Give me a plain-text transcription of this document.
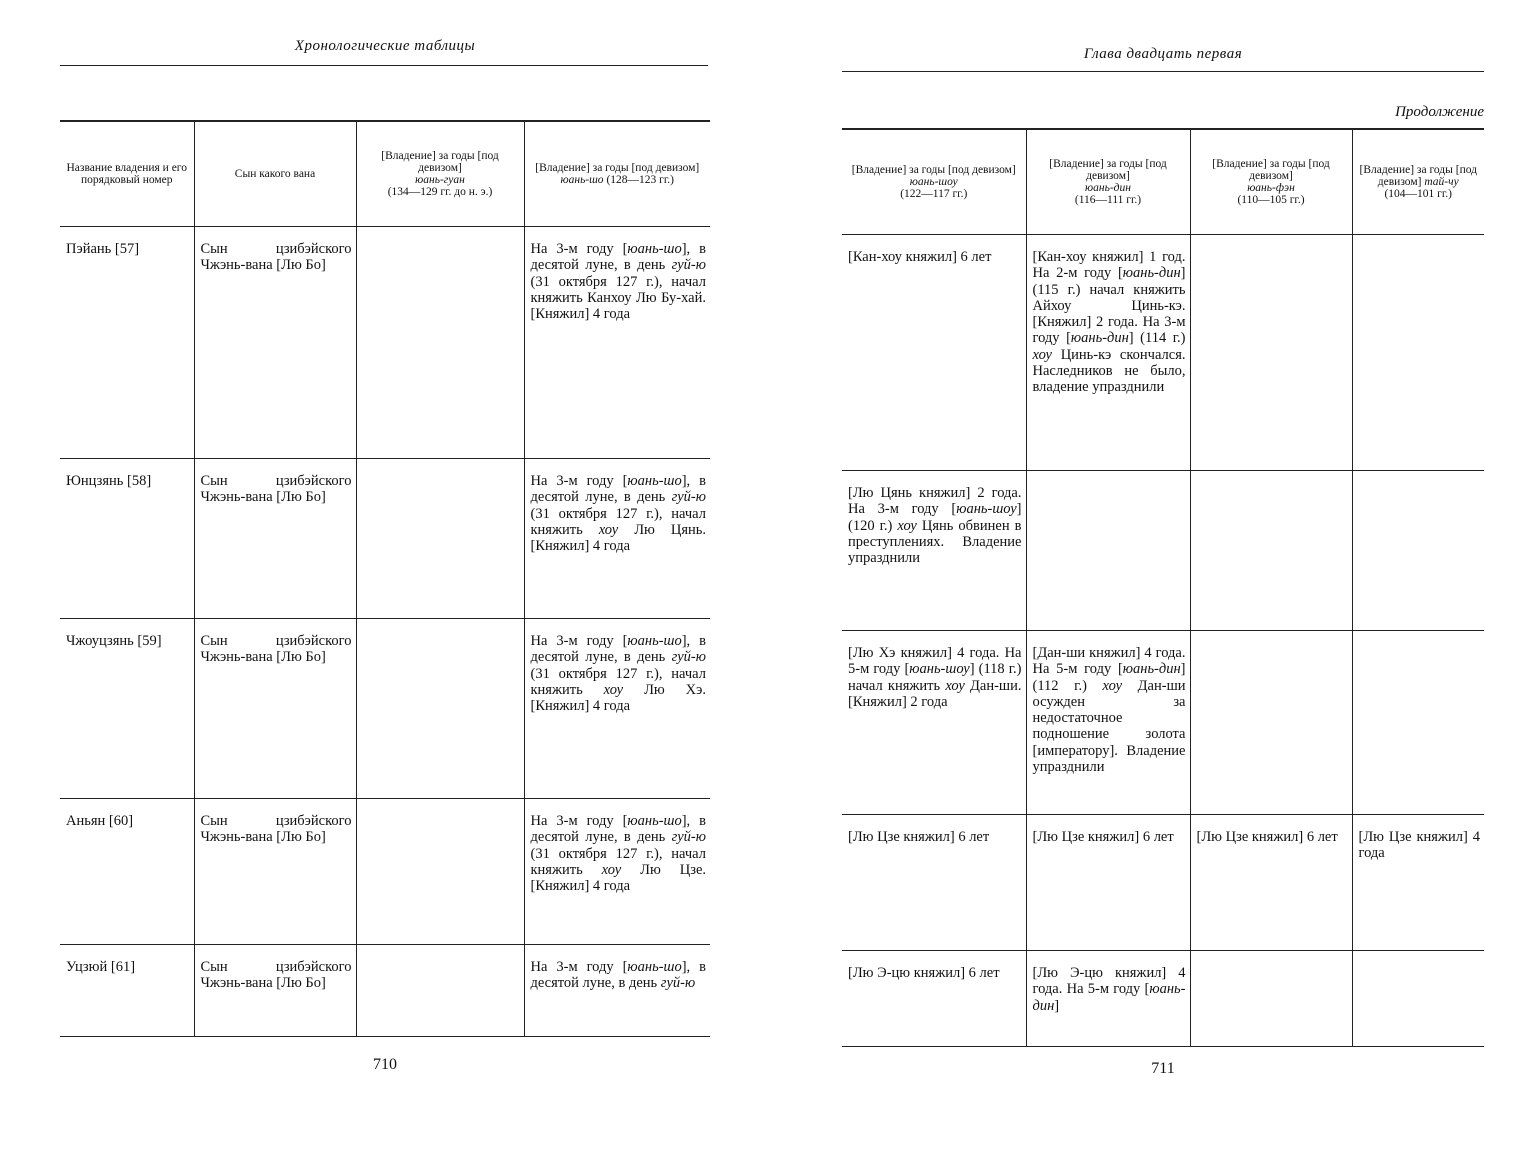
Хронологические таблицы
Название владения и его порядковый номер	Сын какого вана	[Владение] за годы [под девизом]
юань-гуан
(134—129 гг. до н. э.)	[Владение] за годы [под девизом]
юань-шо (128—123 гг.)
Пэйань [57]	Сын цзибэйского Чжэнь-вана [Лю Бо]		На 3-м году [юань-шо], в десятой луне, в день гуй-ю (31 октября 127 г.), начал княжить Канхоу Лю Бу-хай. [Княжил] 4 года
Юнцзянь [58]	Сын цзибэйского Чжэнь-вана [Лю Бо]		На 3-м году [юань-шо], в десятой луне, в день гуй-ю (31 октября 127 г.), начал княжить хоу Лю Цянь. [Княжил] 4 года
Чжоуцзянь [59]	Сын цзибэйского Чжэнь-вана [Лю Бо]		На 3-м году [юань-шо], в десятой луне, в день гуй-ю (31 октября 127 г.), начал княжить хоу Лю Хэ. [Княжил] 4 года
Аньян [60]	Сын цзибэйского Чжэнь-вана [Лю Бо]		На 3-м году [юань-шо], в десятой луне, в день гуй-ю (31 октября 127 г.), начал княжить хоу Лю Цзе. [Княжил] 4 года
Уцзюй [61]	Сын цзибэйского Чжэнь-вана [Лю Бо]		На 3-м году [юань-шо], в десятой луне, в день гуй-ю
710
Глава двадцать первая
Продолжение
[Владение] за годы [под девизом]
юань-шоу
(122—117 гг.)	[Владение] за годы [под девизом]
юань-дин
(116—111 гг.)	[Владение] за годы [под девизом]
юань-фэн
(110—105 гг.)	[Владение] за годы [под девизом] тай-чу
(104—101 гг.)
[Кан-хоу княжил] 6 лет	[Кан-хоу княжил] 1 год. На 2-м году [юань-дин] (115 г.) начал княжить Айхоу Цинь-кэ. [Княжил] 2 года. На 3-м году [юань-дин] (114 г.) хоу Цинь-кэ скончался. Наследников не было, владение упразднили		
[Лю Цянь княжил] 2 года. На 3-м году [юань-шоу] (120 г.) хоу Цянь обвинен в преступлениях. Владение упразднили			
[Лю Хэ княжил] 4 года. На 5-м году [юань-шоу] (118 г.) начал княжить хоу Дан-ши. [Княжил] 2 года	[Дан-ши княжил] 4 года. На 5-м году [юань-дин] (112 г.) хоу Дан-ши осужден за недостаточное подношение золота [императору]. Владение упразднили		
[Лю Цзе княжил] 6 лет	[Лю Цзе княжил] 6 лет	[Лю Цзе княжил] 6 лет	[Лю Цзе княжил] 4 года
[Лю Э-цю княжил] 6 лет	[Лю Э-цю княжил] 4 года. На 5-м году [юань-дин]		
711
